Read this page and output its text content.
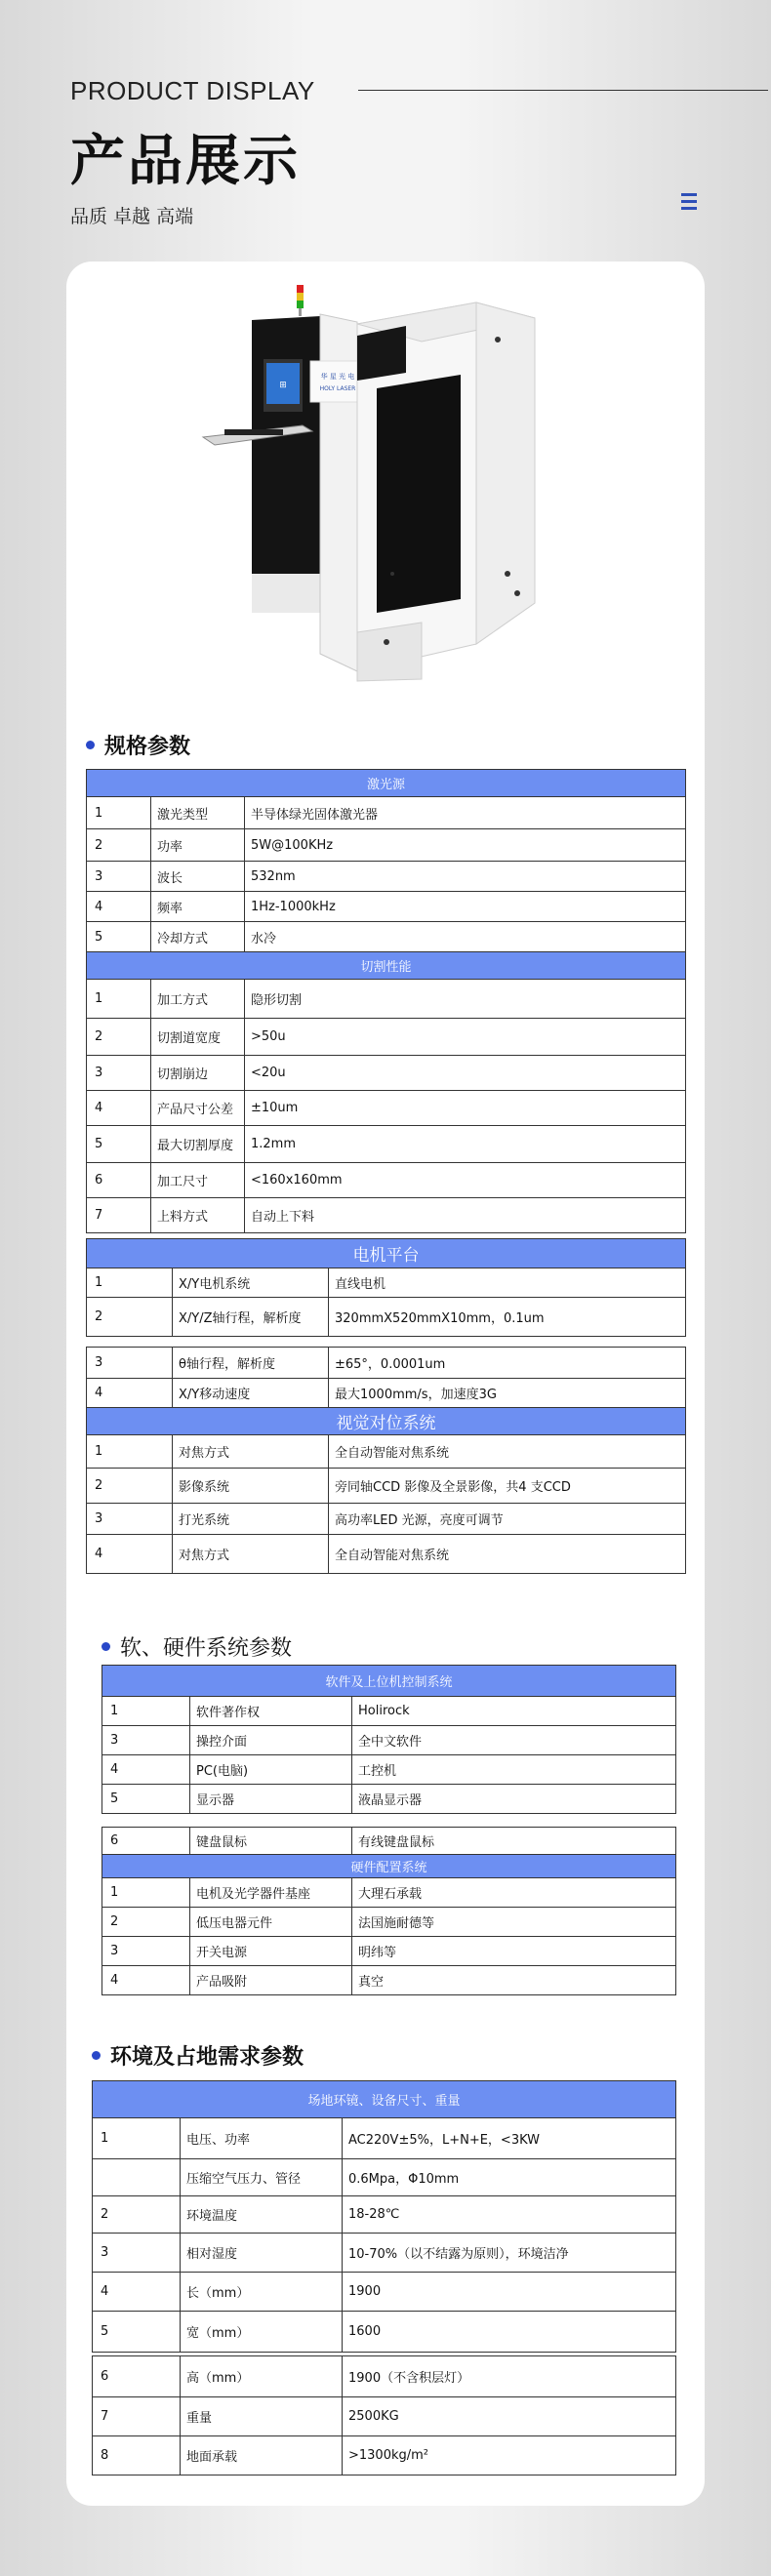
PRODUCT DISPLAY
产品展示
品质 卓越 高端
⊞
华 星 光 电
HOLY LASER
规格参数
激光源		
1	激光类型	半导体绿光固体激光器
2	功率	5W@100KHz
3	波长	532nm
4	频率	1Hz-1000kHz
5	冷却方式	水冷
切割性能		
1	加工方式	隐形切割
2	切割道宽度	>50u
3	切割崩边	<20u
4	产品尺寸公差	±10um
5	最大切割厚度	1.2mm
6	加工尺寸	<160x160mm
7	上料方式	自动上下料
电机平台		
1	X/Y电机系统	直线电机
2	X/Y/Z轴行程，解析度	320mmX520mmX10mm，0.1um
3	θ轴行程，解析度	±65°，0.0001um
4	X/Y移动速度	最大1000mm/s，加速度3G
视觉对位系统		
1	对焦方式	全自动智能对焦系统
2	影像系统	旁同轴CCD 影像及全景影像，共4 支CCD
3	打光系统	高功率LED 光源，亮度可调节
4	对焦方式	全自动智能对焦系统
软、硬件系统参数
软件及上位机控制系统		
1	软件著作权	Holirock
3	操控介面	全中文软件
4	PC(电脑)	工控机
5	显示器	液晶显示器
6	键盘鼠标	有线键盘鼠标
硬件配置系统		
1	电机及光学器件基座	大理石承载
2	低压电器元件	法国施耐德等
3	开关电源	明纬等
4	产品吸附	真空
环境及占地需求参数
场地环镜、设备尺寸、重量		
1	电压、功率	AC220V±5%，L+N+E，<3KW
	压缩空气压力、管径	0.6Mpa，Φ10mm
2	环境温度	18-28℃
3	相对湿度	10-70%（以不结露为原则），环境洁净
4	长（mm）	1900
5	宽（mm）	1600
6	高（mm）	1900（不含积层灯）
7	重量	2500KG
8	地面承载	>1300kg/m²
